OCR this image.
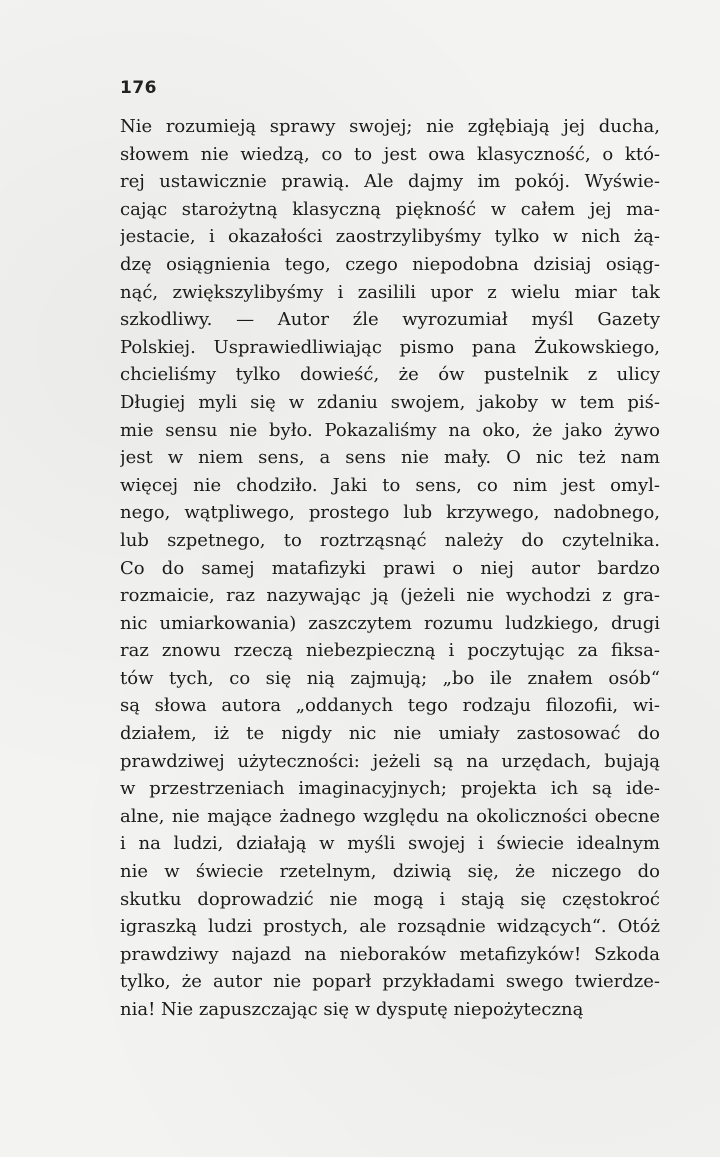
176
Nie rozumieją sprawy swojej; nie zgłębiają jej ducha,
słowem nie wiedzą, co to jest owa klasyczność, o któ-
rej ustawicznie prawią. Ale dajmy im pokój. Wyświe-
cając starożytną klasyczną piękność w całem jej ma-
jestacie, i okazałości zaostrzylibyśmy tylko w nich żą-
dzę osiągnienia tego, czego niepodobna dzisiaj osiąg-
nąć, zwiększylibyśmy i zasilili upor z wielu miar tak
szkodliwy. — Autor źle wyrozumiał myśl Gazety
Polskiej. Usprawiedliwiając pismo pana Żukowskiego,
chcieliśmy tylko dowieść, że ów pustelnik z ulicy
Długiej myli się w zdaniu swojem, jakoby w tem piś-
mie sensu nie było. Pokazaliśmy na oko, że jako żywo
jest w niem sens, a sens nie mały. O nic też nam
więcej nie chodziło. Jaki to sens, co nim jest omyl-
nego, wątpliwego, prostego lub krzywego, nadobnego,
lub szpetnego, to roztrząsnąć należy do czytelnika.
Co do samej matafizyki prawi o niej autor bardzo
rozmaicie, raz nazywając ją (jeżeli nie wychodzi z gra-
nic umiarkowania) zaszczytem rozumu ludzkiego, drugi
raz znowu rzeczą niebezpieczną i poczytując za fiksa-
tów tych, co się nią zajmują; „bo ile znałem osób“
są słowa autora „oddanych tego rodzaju filozofii, wi-
działem, iż te nigdy nic nie umiały zastosować do
prawdziwej użyteczności: jeżeli są na urzędach, bujają
w przestrzeniach imaginacyjnych; projekta ich są ide-
alne, nie mające żadnego względu na okoliczności obecne
i na ludzi, działają w myśli swojej i świecie idealnym
nie w świecie rzetelnym, dziwią się, że niczego do
skutku doprowadzić nie mogą i stają się częstokroć
igraszką ludzi prostych, ale rozsądnie widzących“. Otóż
prawdziwy najazd na nieboraków metafizyków! Szkoda
tylko, że autor nie poparł przykładami swego twierdze-
nia! Nie zapuszczając się w dysputę niepożyteczną
